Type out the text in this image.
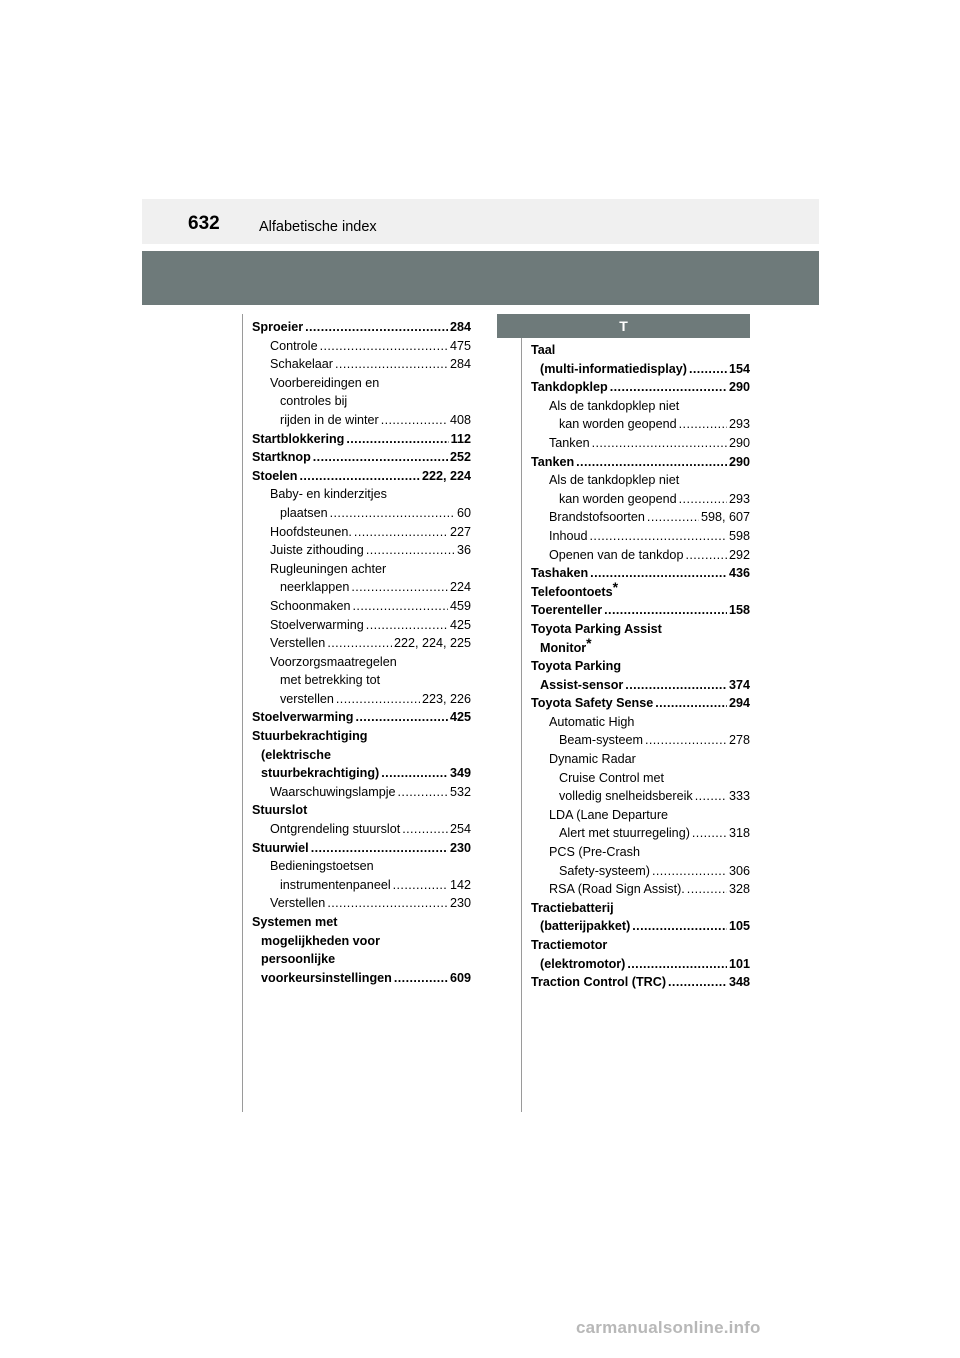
632	Alfabetische index
T
Sproeier .....	284
Controle .....	475
Schakelaar .....	284
Voorbereidingen en
controles bij
rijden in de winter .....	408
Startblokkering .....	112
Startknop .....	252
Stoelen .....	222, 224
Baby- en kinderzitjes
plaatsen .....	60
Hoofdsteunen. .....	227
Juiste zithouding .....	36
Rugleuningen achter
neerklappen .....	224
Schoonmaken .....	459
Stoelverwarming .....	425
Verstellen .....	222, 224, 225
Voorzorgsmaatregelen
met betrekking tot
verstellen .....	223, 226
Stoelverwarming .....	425
Stuurbekrachtiging
(elektrische
stuurbekrachtiging) .....	349
Waarschuwingslampje .....	532
Stuurslot
Ontgrendeling stuurslot .....	254
Stuurwiel .....	230
Bedieningstoetsen
instrumentenpaneel .....	142
Verstellen .....	230
Systemen met
mogelijkheden voor
persoonlijke
voorkeursinstellingen .....	609
Taal
(multi-informatiedisplay) .....	154
Tankdopklep .....	290
Als de tankdopklep niet
kan worden geopend .....	293
Tanken .....	290
Tanken .....	290
Als de tankdopklep niet
kan worden geopend .....	293
Brandstofsoorten .....	598, 607
Inhoud .....	598
Openen van de tankdop .....	292
Tashaken .....	436
Telefoontoets*
Toerenteller .....	158
Toyota Parking Assist
Monitor*
Toyota Parking
Assist-sensor .....	374
Toyota Safety Sense .....	294
Automatic High
Beam-systeem .....	278
Dynamic Radar
Cruise Control met
volledig snelheidsbereik .....	333
LDA (Lane Departure
Alert met stuurregeling) .....	318
PCS (Pre-Crash
Safety-systeem) .....	306
RSA (Road Sign Assist). .....	328
Tractiebatterij
(batterijpakket) .....	105
Tractiemotor
(elektromotor) .....	101
Traction Control (TRC) .....	348
carmanualsonline.info
